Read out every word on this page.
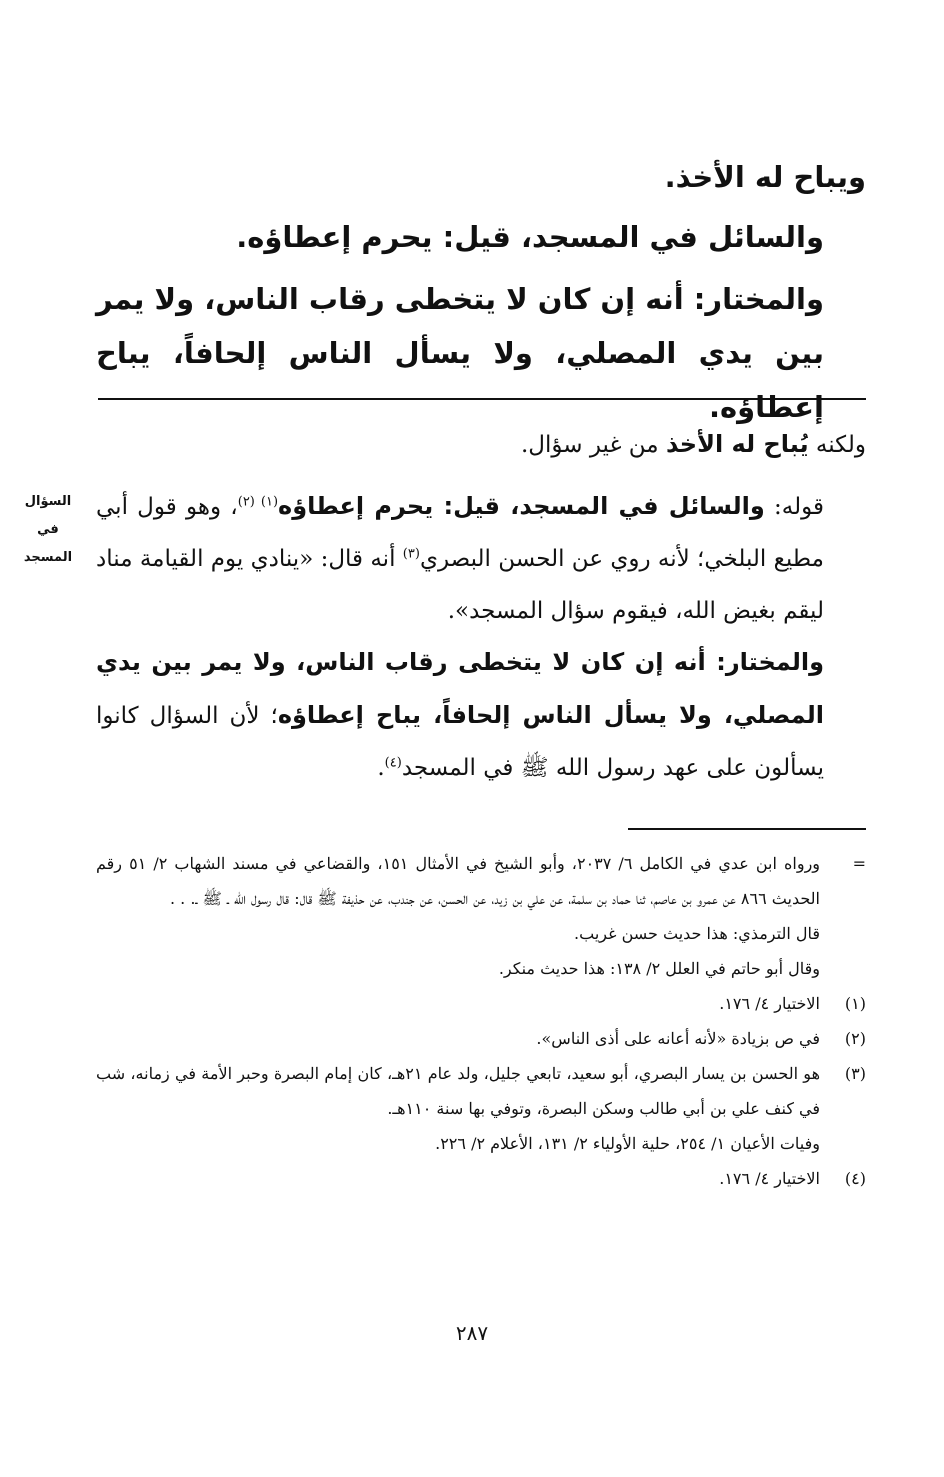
ويباح له الأخذ.
والسائل في المسجد، قيل: يحرم إعطاؤه.
والمختار: أنه إن كان لا يتخطى رقاب الناس، ولا يمر بين يدي المصلي، ولا يسأل الناس إلحافاً، يباح إعطاؤه.
السؤال
في
المسجد
ولكنه يُباح له الأخذ من غير سؤال.
قوله: والسائل في المسجد، قيل: يحرم إعطاؤه$^{(١) (٢)}$، وهو قول أبي مطيع البلخي؛ لأنه روي عن الحسن البصري$^{(٣)}$ أنه قال: «ينادي يوم القيامة مناد ليقم بغيض الله، فيقوم سؤال المسجد».
والمختار: أنه إن كان لا يتخطى رقاب الناس، ولا يمر بين يدي المصلي، ولا يسأل الناس إلحافاً، يباح إعطاؤه؛ لأن السؤال كانوا يسألون على عهد رسول الله ﷺ في المسجد$^{(٤)}$.
=
ورواه ابن عدي في الكامل ٦/ ٢٠٣٧، وأبو الشيخ في الأمثال ١٥١، والقضاعي في مسند الشهاب ٢/ ٥١ رقم الحديث ٨٦٦ عن عمرو بن عاصم، ثنا حماد بن سلمة، عن علي بن زيد، عن الحسن، عن جندب، عن حذيفة ﷺ قال: قال رسول الله ـ ﷺ ـ. . .
قال الترمذي: هذا حديث حسن غريب.
وقال أبو حاتم في العلل ٢/ ١٣٨: هذا حديث منكر.
(١)
الاختيار ٤/ ١٧٦.
(٢)
في ص بزيادة «لأنه أعانه على أذى الناس».
(٣)
هو الحسن بن يسار البصري، أبو سعيد، تابعي جليل، ولد عام ٢١هـ، كان إمام البصرة وحبر الأمة في زمانه، شب في كنف علي بن أبي طالب وسكن البصرة، وتوفي بها سنة ١١٠هـ.
وفيات الأعيان ١/ ٢٥٤، حلية الأولياء ٢/ ١٣١، الأعلام ٢/ ٢٢٦.
(٤)
الاختيار ٤/ ١٧٦.
٢٨٧
